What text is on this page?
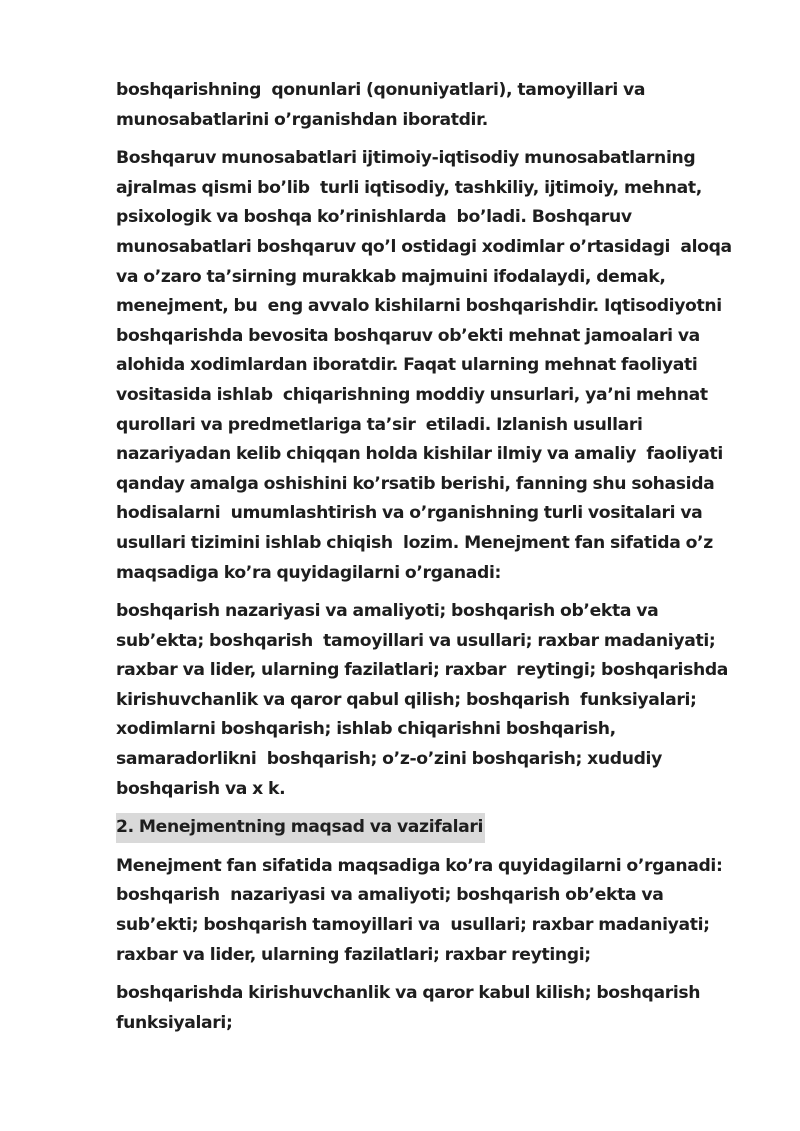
boshqarishning  qonunlari (qonuniyatlari), tamoyillari va
munosabatlarini o’rganishdan iboratdir.
Boshqaruv munosabatlari ijtimoiy-iqtisodiy munosabatlarning
ajralmas qismi bo’lib  turli iqtisodiy, tashkiliy, ijtimoiy, mehnat,
psixologik va boshqa ko’rinishlarda  bo’ladi. Boshqaruv
munosabatlari boshqaruv qo’l ostidagi xodimlar o’rtasidagi  aloqa
va o’zaro ta’sirning murakkab majmuini ifodalaydi, demak,
menejment, bu  eng avvalo kishilarni boshqarishdir. Iqtisodiyotni
boshqarishda bevosita boshqaruv ob’ekti mehnat jamoalari va
alohida xodimlardan iboratdir. Faqat ularning mehnat faoliyati
vositasida ishlab  chiqarishning moddiy unsurlari, ya’ni mehnat
qurollari va predmetlariga ta’sir  etiladi. Izlanish usullari
nazariyadan kelib chiqqan holda kishilar ilmiy va amaliy  faoliyati
qanday amalga oshishini ko’rsatib berishi, fanning shu sohasida
hodisalarni  umumlashtirish va o’rganishning turli vositalari va
usullari tizimini ishlab chiqish  lozim. Menejment fan sifatida o’z
maqsadiga ko’ra quyidagilarni o’rganadi:
boshqarish nazariyasi va amaliyoti; boshqarish ob’ekta va
sub’ekta; boshqarish  tamoyillari va usullari; raxbar madaniyati;
raxbar va lider, ularning fazilatlari; raxbar  reytingi; boshqarishda
kirishuvchanlik va qaror qabul qilish; boshqarish  funksiyalari;
xodimlarni boshqarish; ishlab chiqarishni boshqarish,
samaradorlikni  boshqarish; o’z-o’zini boshqarish; xududiy
boshqarish va x k.
2. Menejmentning maqsad va vazifalari
Menejment fan sifatida maqsadiga ko’ra quyidagilarni o’rganadi:
boshqarish  nazariyasi va amaliyoti; boshqarish ob’ekta va
sub’ekti; boshqarish tamoyillari va  usullari; raxbar madaniyati;
raxbar va lider, ularning fazilatlari; raxbar reytingi;
boshqarishda kirishuvchanlik va qaror kabul kilish; boshqarish
funksiyalari;
